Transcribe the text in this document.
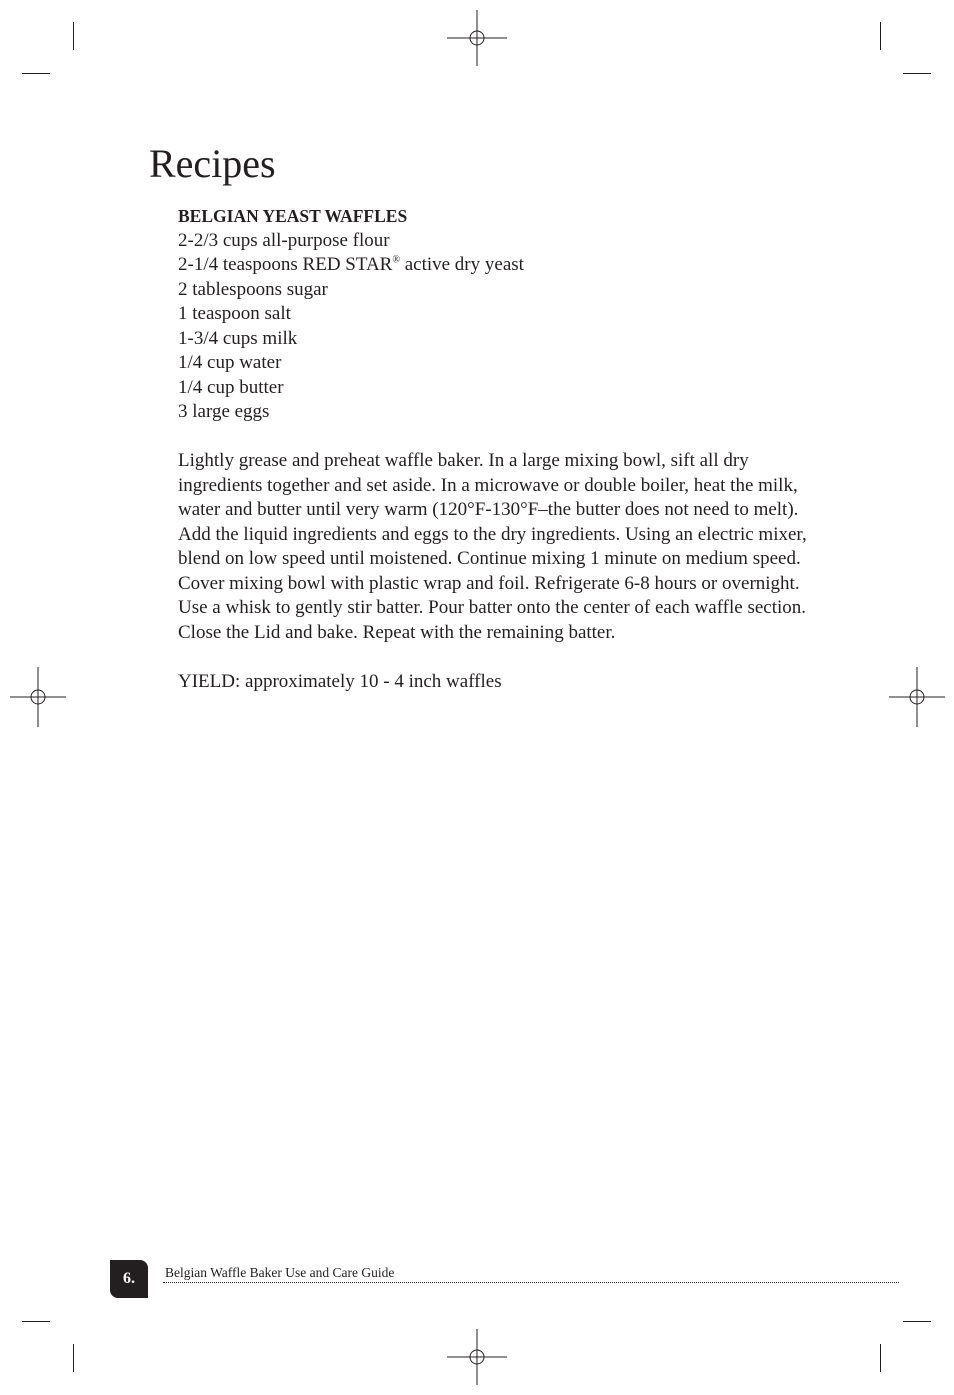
Recipes
BELGIAN YEAST WAFFLES
2-2/3 cups all-purpose flour
2-1/4 teaspoons RED STAR® active dry yeast
2 tablespoons sugar
1 teaspoon salt
1-3/4 cups milk
1/4 cup water
1/4 cup butter
3 large eggs

Lightly grease and preheat waffle baker. In a large mixing bowl, sift all dry ingredients together and set aside. In a microwave or double boiler, heat the milk, water and butter until very warm (120°F-130°F–the butter does not need to melt). Add the liquid ingredients and eggs to the dry ingredients. Using an electric mixer, blend on low speed until moistened. Continue mixing 1 minute on medium speed. Cover mixing bowl with plastic wrap and foil. Refrigerate 6-8 hours or overnight. Use a whisk to gently stir batter. Pour batter onto the center of each waffle section. Close the Lid and bake. Repeat with the remaining batter.

YIELD: approximately 10 - 4 inch waffles

6.	Belgian Waffle Baker Use and Care Guide
